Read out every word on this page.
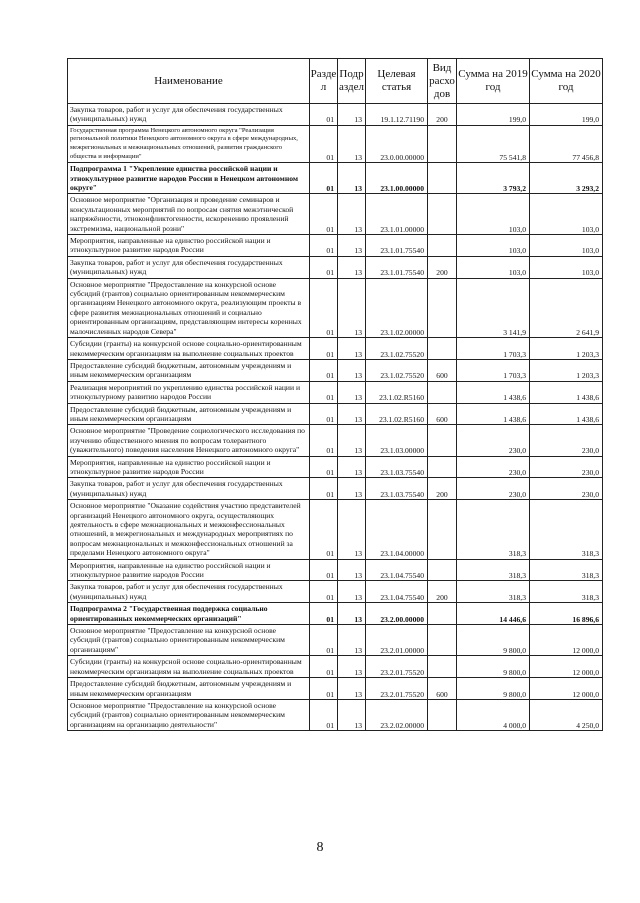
Наименование	Разде л	Подр аздел	Целевая статья	Вид расхо дов	Сумма на 2019 год	Сумма на 2020 год
Закупка товаров, работ и услуг для обеспечения государственных (муниципальных) нужд	01	13	19.1.12.71190	200	199,0	199,0
Государственная программа Ненецкого автономного округа "Реализация региональной политики Ненецкого автономного округа в сфере международных, межрегиональных и межнациональных отношений, развития гражданского общества и информации"	01	13	23.0.00.00000		75 541,8	77 456,8
Подпрограмма 1 "Укрепление единства российской нации и этнокультурное развитие народов России в Ненецком автономном округе"	01	13	23.1.00.00000		3 793,2	3 293,2
Основное мероприятие "Организация и проведение семинаров и консультационных мероприятий по вопросам снятия межэтнической напряжённости, этноконфликтогенности, искоренению проявлений экстремизма, национальной розни"	01	13	23.1.01.00000		103,0	103,0
Мероприятия, направленные на единство российской нации и этнокультурное развитие народов России	01	13	23.1.01.75540		103,0	103,0
Закупка товаров, работ и услуг для обеспечения государственных (муниципальных) нужд	01	13	23.1.01.75540	200	103,0	103,0
Основное мероприятие "Предоставление на конкурсной основе субсидий (грантов) социально ориентированным некоммерческим организациям Ненецкого автономного округа, реализующим проекты в сфере развития межнациональных отношений и социально ориентированным организациям, представляющим интересы коренных малочисленных народов Севера"	01	13	23.1.02.00000		3 141,9	2 641,9
Субсидии (гранты) на конкурсной основе социально-ориентированным некоммерческим организациям на выполнение социальных проектов	01	13	23.1.02.75520		1 703,3	1 203,3
Предоставление субсидий бюджетным, автономным учреждениям и иным некоммерческим организациям	01	13	23.1.02.75520	600	1 703,3	1 203,3
Реализация мероприятий по укреплению единства российской нации и этнокультурному развитию народов России	01	13	23.1.02.R5160		1 438,6	1 438,6
Предоставление субсидий бюджетным, автономным учреждениям и иным некоммерческим организациям	01	13	23.1.02.R5160	600	1 438,6	1 438,6
Основное мероприятие "Проведение социологического исследования по изучению общественного мнения по вопросам толерантного (уважительного) поведения населения Ненецкого автономного округа"	01	13	23.1.03.00000		230,0	230,0
Мероприятия, направленные на единство российской нации и этнокультурное развитие народов России	01	13	23.1.03.75540		230,0	230,0
Закупка товаров, работ и услуг для обеспечения государственных (муниципальных) нужд	01	13	23.1.03.75540	200	230,0	230,0
Основное мероприятие "Оказание содействия участию представителей организаций Ненецкого автономного округа, осуществляющих деятельность в сфере межнациональных и межконфессиональных отношений, в межрегиональных и международных мероприятиях по вопросам межнациональных и межконфессиональных отношений за пределами Ненецкого автономного округа"	01	13	23.1.04.00000		318,3	318,3
Мероприятия, направленные на единство российской нации и этнокультурное развитие народов России	01	13	23.1.04.75540		318,3	318,3
Закупка товаров, работ и услуг для обеспечения государственных (муниципальных) нужд	01	13	23.1.04.75540	200	318,3	318,3
Подпрограмма 2 "Государственная поддержка социально ориентированных некоммерческих организаций"	01	13	23.2.00.00000		14 446,6	16 896,6
Основное мероприятие "Предоставление на конкурсной основе субсидий (грантов) социально ориентированным некоммерческим организациям"	01	13	23.2.01.00000		9 800,0	12 000,0
Субсидии (гранты) на конкурсной основе социально-ориентированным некоммерческим организациям на выполнение социальных проектов	01	13	23.2.01.75520		9 800,0	12 000,0
Предоставление субсидий бюджетным, автономным учреждениям и иным некоммерческим организациям	01	13	23.2.01.75520	600	9 800,0	12 000,0
Основное мероприятие "Предоставление на конкурсной основе субсидий (грантов) социально ориентированным некоммерческим организациям на организацию деятельности"	01	13	23.2.02.00000		4 000,0	4 250,0
8
